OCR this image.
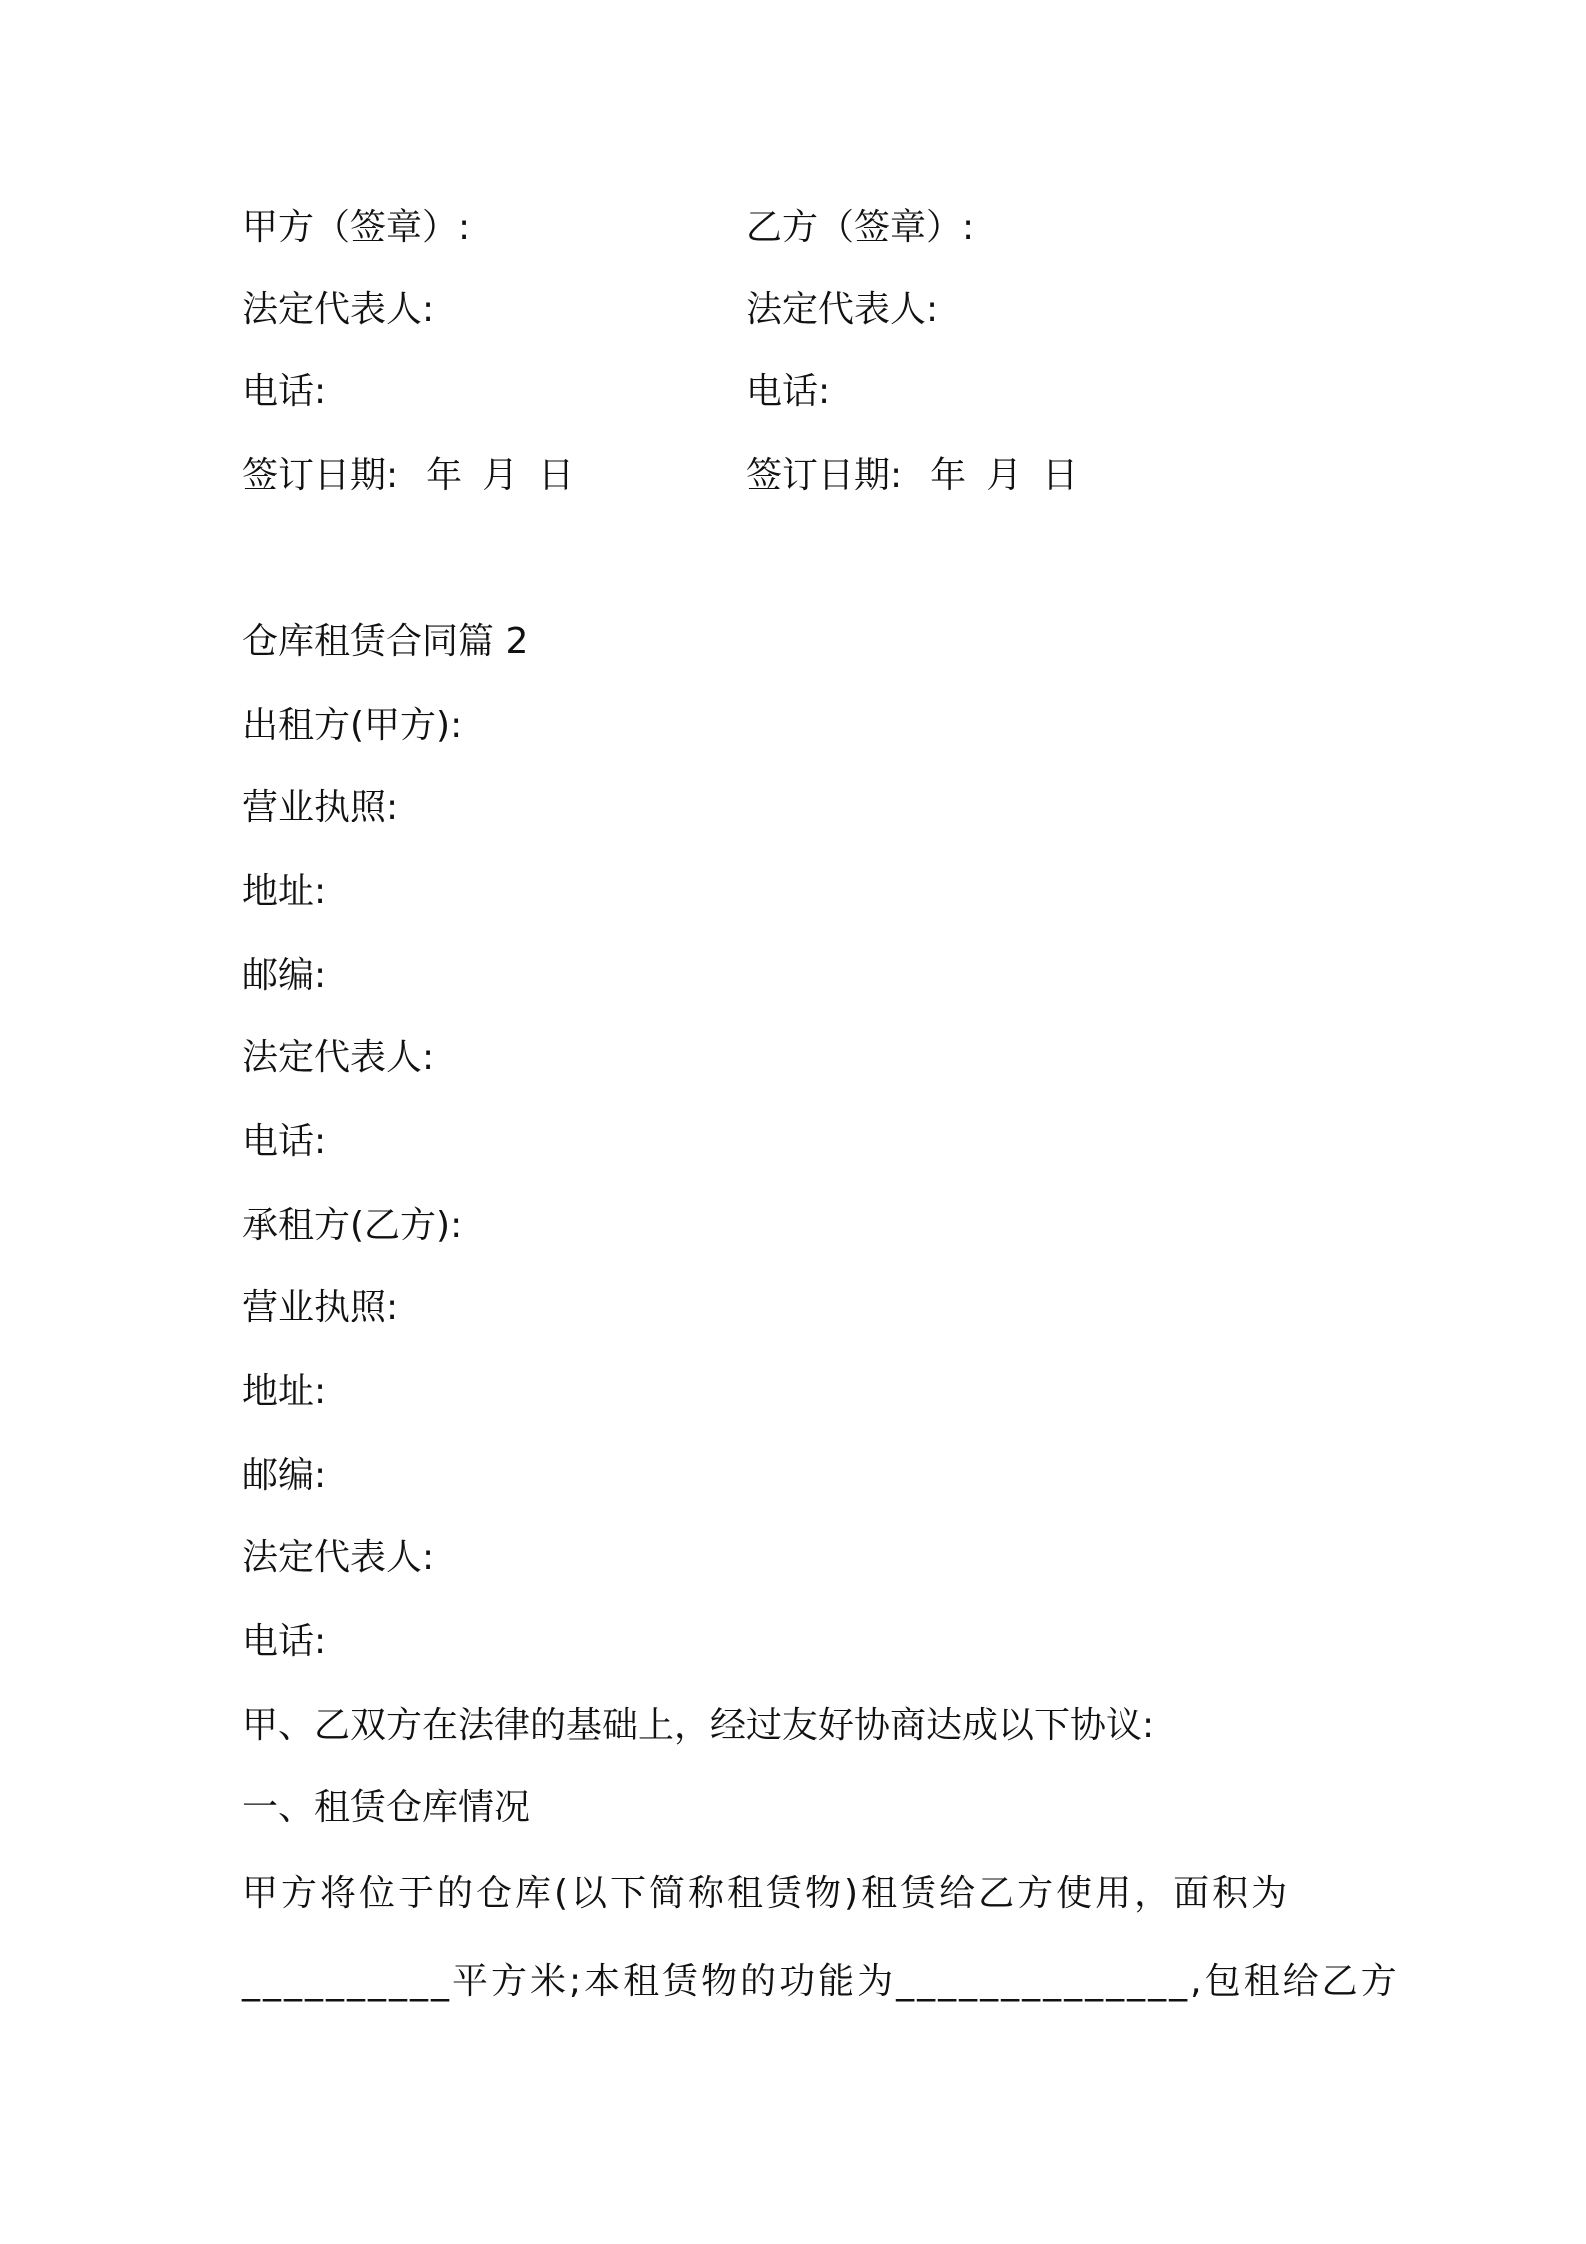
甲方（签章）:	乙方（签章）:
法定代表人:	法定代表人:
电话:	电话:
签订日期: 年 月 日	签订日期: 年 月 日
仓库租赁合同篇 2
出租方(甲方):
营业执照:
地址:
邮编:
法定代表人:
电话:
承租方(乙方):
营业执照:
地址:
邮编:
法定代表人:
电话:
甲、乙双方在法律的基础上，经过友好协商达成以下协议:
一、租赁仓库情况
甲方将位于的仓库(以下简称租赁物)租赁给乙方使用，面积为
__________平方米;本租赁物的功能为______________,包租给乙方
